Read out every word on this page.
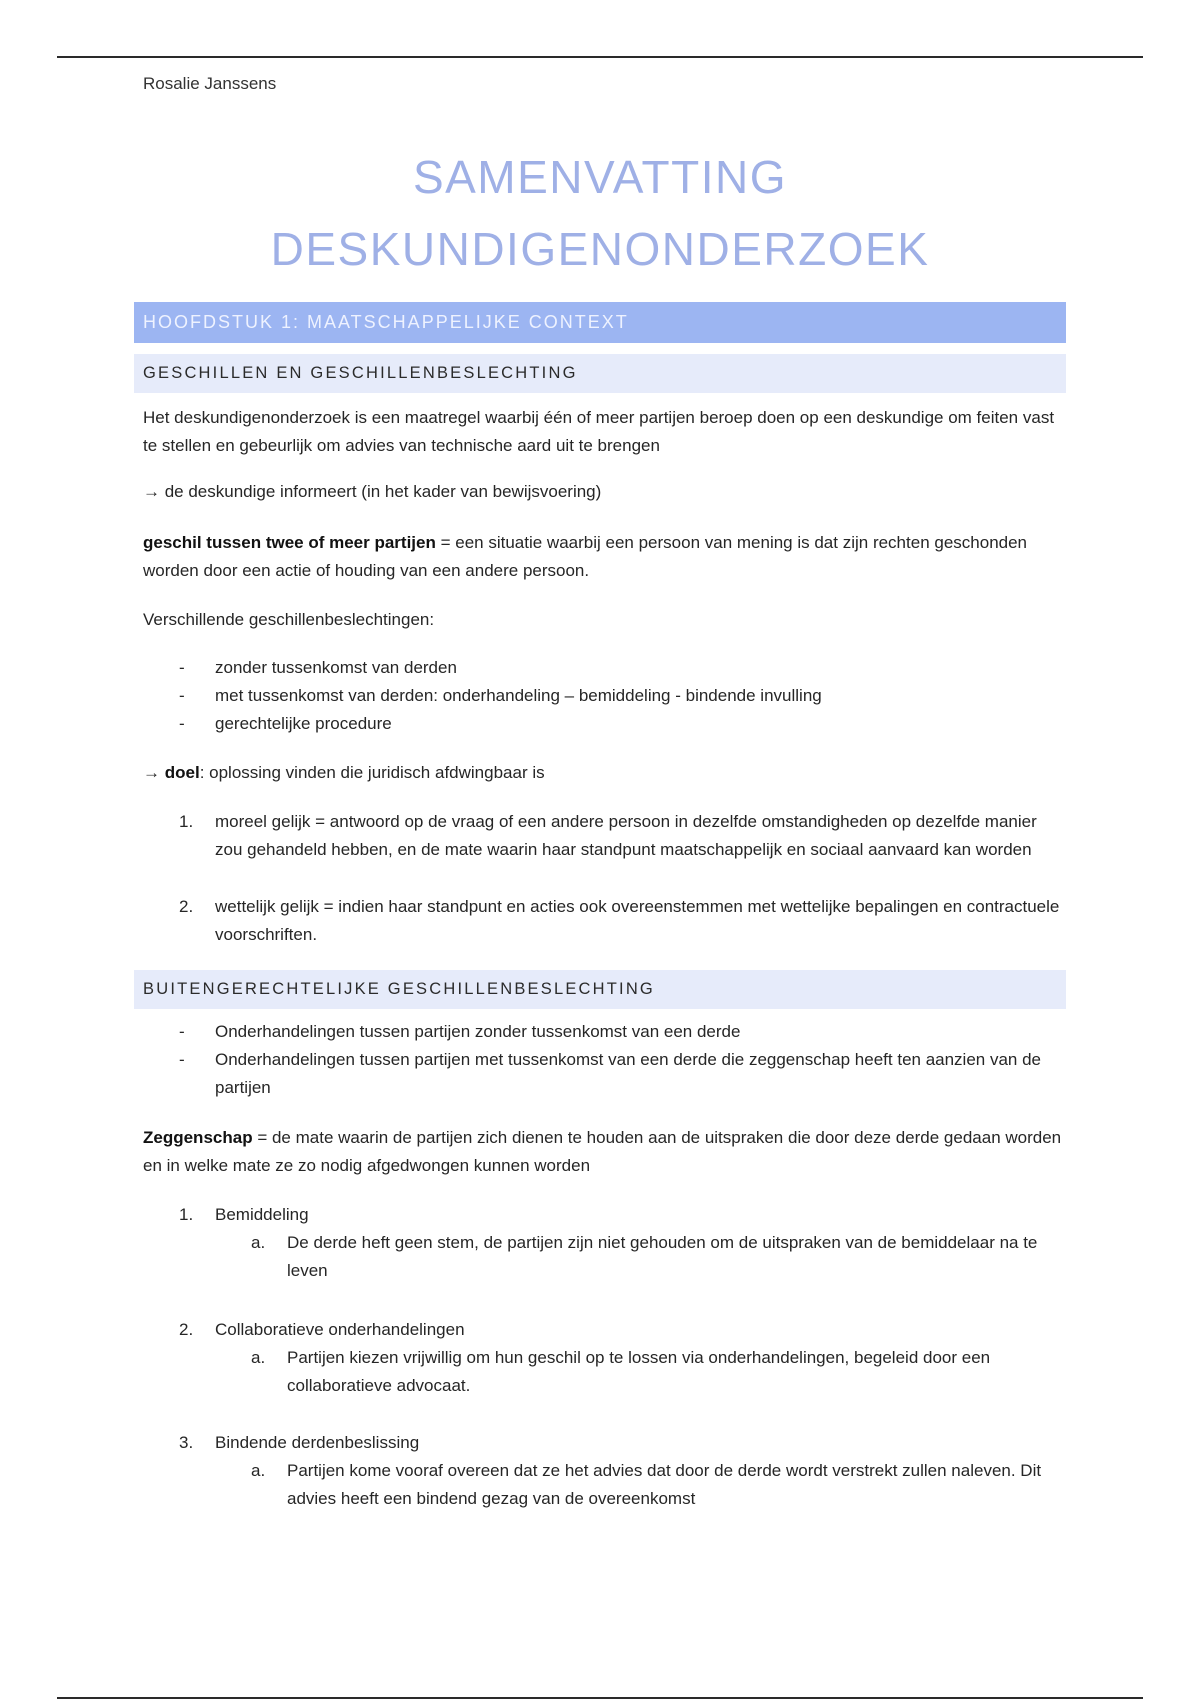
Rosalie Janssens
SAMENVATTING
DESKUNDIGENONDERZOEK
HOOFDSTUK 1: MAATSCHAPPELIJKE CONTEXT
GESCHILLEN EN GESCHILLENBESLECHTING
Het deskundigenonderzoek is een maatregel waarbij één of meer partijen beroep doen op een deskundige om feiten vast te stellen en gebeurlijk om advies van technische aard uit te brengen
→ de deskundige informeert (in het kader van bewijsvoering)
geschil tussen twee of meer partijen = een situatie waarbij een persoon van mening is dat zijn rechten geschonden worden door een actie of houding van een andere persoon.
Verschillende geschillenbeslechtingen:
- zonder tussenkomst van derden
- met tussenkomst van derden: onderhandeling – bemiddeling - bindende invulling
- gerechtelijke procedure
→ doel: oplossing vinden die juridisch afdwingbaar is
1. moreel gelijk = antwoord op de vraag of een andere persoon in dezelfde omstandigheden op dezelfde manier zou gehandeld hebben, en de mate waarin haar standpunt maatschappelijk en sociaal aanvaard kan worden
2. wettelijk gelijk = indien haar standpunt en acties ook overeenstemmen met wettelijke bepalingen en contractuele voorschriften.
BUITENGERECHTELIJKE GESCHILLENBESLECHTING
- Onderhandelingen tussen partijen zonder tussenkomst van een derde
- Onderhandelingen tussen partijen met tussenkomst van een derde die zeggenschap heeft ten aanzien van de partijen
Zeggenschap = de mate waarin de partijen zich dienen te houden aan de uitspraken die door deze derde gedaan worden en in welke mate ze zo nodig afgedwongen kunnen worden
1. Bemiddeling
a. De derde heft geen stem, de partijen zijn niet gehouden om de uitspraken van de bemiddelaar na te leven
2. Collaboratieve onderhandelingen
a. Partijen kiezen vrijwillig om hun geschil op te lossen via onderhandelingen, begeleid door een collaboratieve advocaat.
3. Bindende derdenbeslissing
a. Partijen kome vooraf overeen dat ze het advies dat door de derde wordt verstrekt zullen naleven. Dit advies heeft een bindend gezag van de overeenkomst
